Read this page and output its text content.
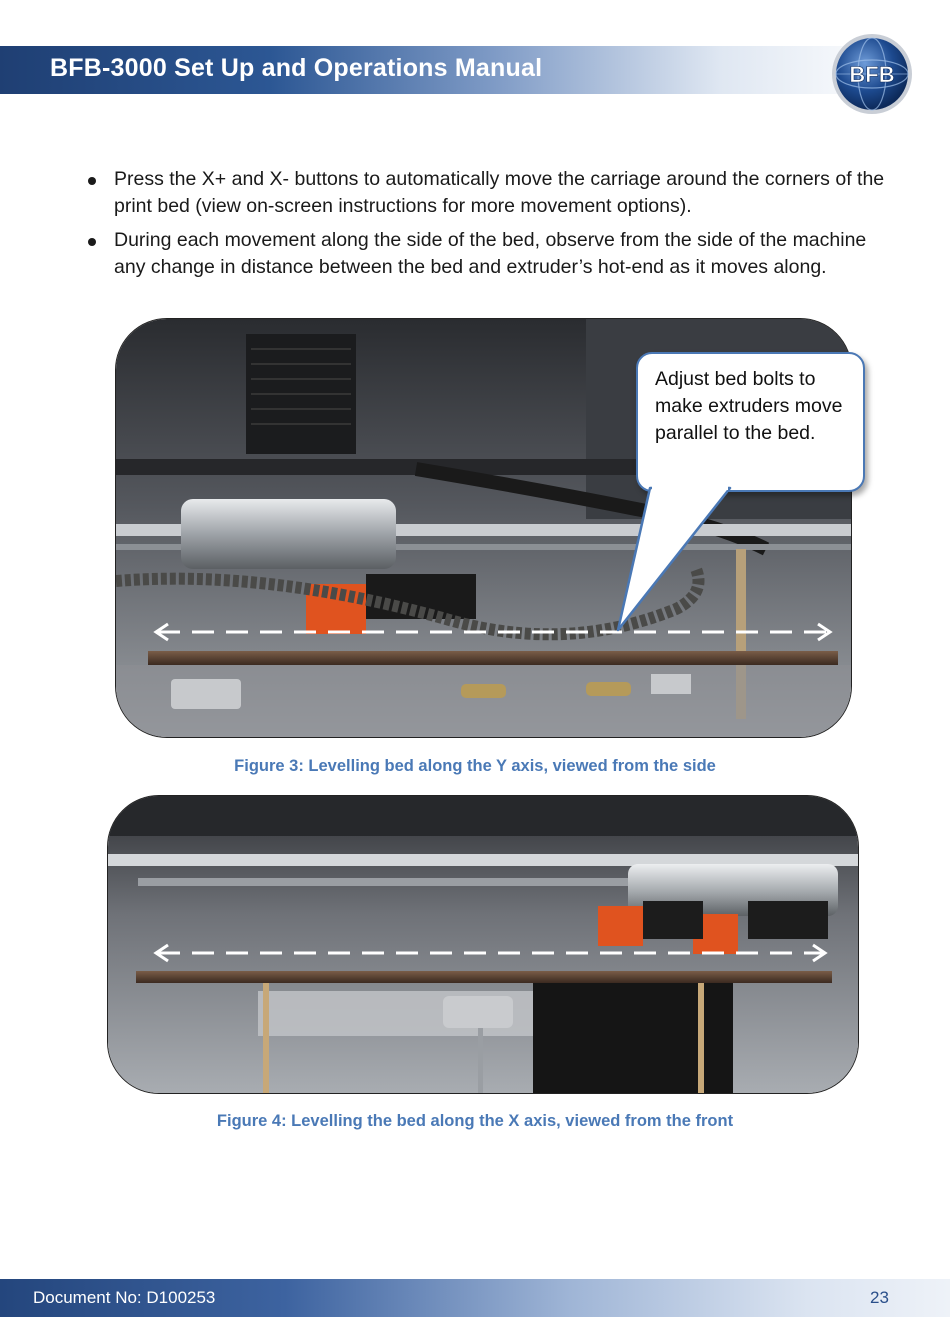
BFB-3000 Set Up and Operations Manual	BFB
Press the X+ and X- buttons to automatically move the carriage around the corners of the print bed (view on-screen instructions for more movement options).
During each movement along the side of the bed, observe from the side of the machine any change in distance between the bed and extruder’s hot-end as it moves along.

Adjust bed bolts to make extruders move parallel to the bed.

Figure 3: Levelling bed along the Y axis, viewed from the side

Figure 4: Levelling the bed along the X axis, viewed from the front

Document No: D100253	23
